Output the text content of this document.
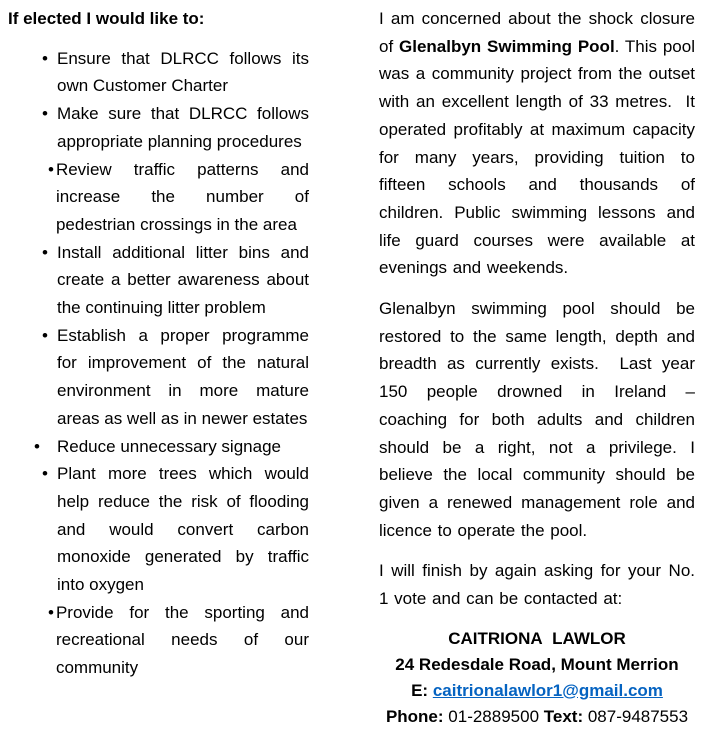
If elected I would like to:
• Ensure that DLRCC follows its own Customer Charter
• Make sure that DLRCC follows appropriate planning procedures
• Review traffic patterns and increase the number of pedestrian crossings in the area
• Install additional litter bins and create a better awareness about the continuing litter problem
• Establish a proper programme for improvement of the natural environment in more mature areas as well as in newer estates
•	Reduce unnecessary signage
• Plant more trees which would help reduce the risk of flooding and would convert carbon monoxide generated by traffic into oxygen
• Provide for the sporting and recreational needs of our community

I am concerned about the shock closure of Glenalbyn Swimming Pool. This pool was a community project from the outset with an excellent length of 33 metres.  It operated profitably at maximum capacity for many years, providing tuition to fifteen schools and thousands of children. Public swimming lessons and life guard courses were available at evenings and weekends.

Glenalbyn swimming pool should be restored to the same length, depth and breadth as currently exists.  Last year 150 people drowned in Ireland – coaching for both adults and children should be a right, not a privilege. I believe the local community should be given a renewed management role and licence to operate the pool.

I will finish by again asking for your No. 1 vote and can be contacted at:

CAITRIONA  LAWLOR
24 Redesdale Road, Mount Merrion
E: caitrionalawlor1@gmail.com
Phone: 01-2889500 Text: 087-9487553
